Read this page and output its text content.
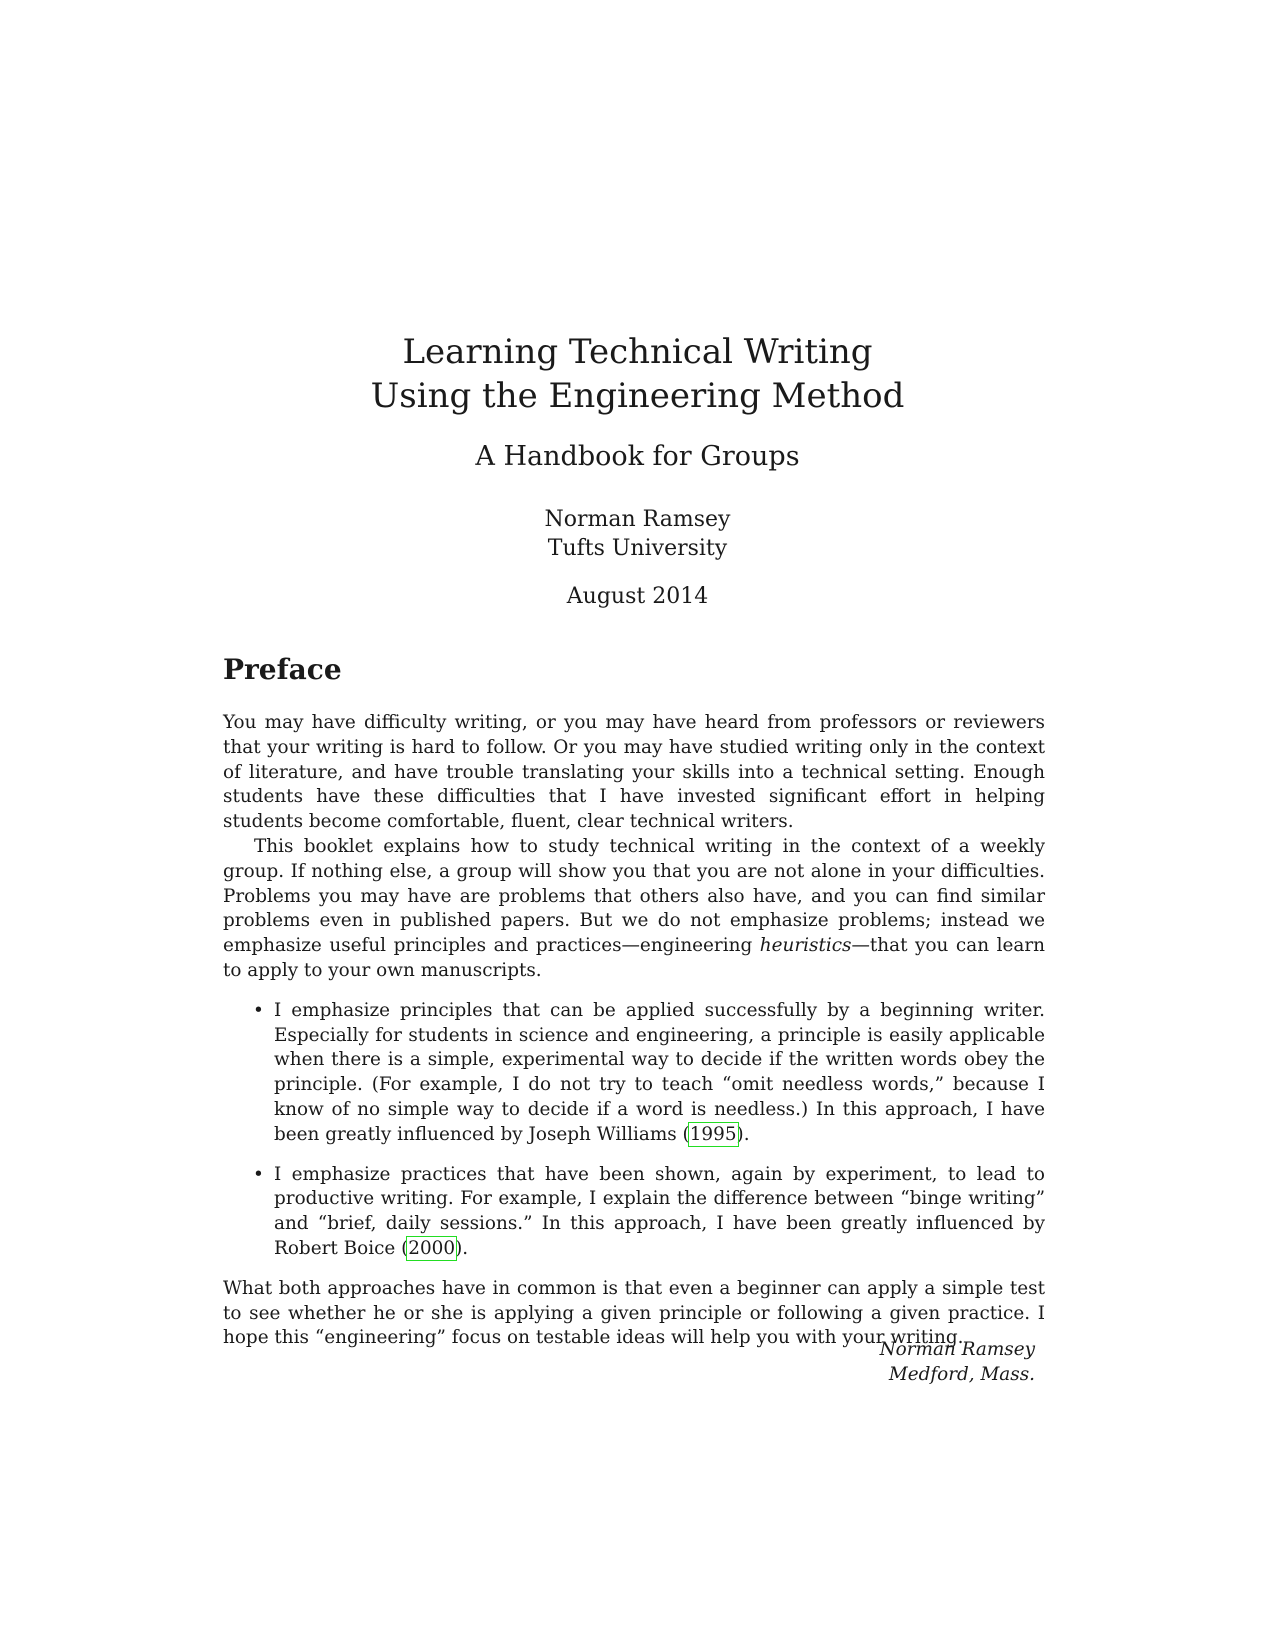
Learning Technical Writing
Using the Engineering Method
A Handbook for Groups
Norman Ramsey
Tufts University
August 2014
Preface

You may have difficulty writing, or you may have heard from professors or reviewers that your writing is hard to follow. Or you may have studied writing only in the context of literature, and have trouble translating your skills into a technical setting. Enough students have these difficulties that I have invested significant effort in helping students become comfortable, fluent, clear technical writers.

This booklet explains how to study technical writing in the context of a weekly group. If nothing else, a group will show you that you are not alone in your difficulties. Problems you may have are problems that others also have, and you can find similar problems even in published papers. But we do not emphasize problems; instead we emphasize useful principles and practices—engineering heuristics—that you can learn to apply to your own manuscripts.

• I emphasize principles that can be applied successfully by a beginning writer. Especially for students in science and engineering, a principle is easily applicable when there is a simple, experimental way to decide if the written words obey the principle. (For example, I do not try to teach “omit needless words,” because I know of no simple way to decide if a word is needless.) In this approach, I have been greatly influenced by Joseph Williams (1995).
• I emphasize practices that have been shown, again by experiment, to lead to productive writing. For example, I explain the difference between “binge writing” and “brief, daily sessions.” In this approach, I have been greatly influenced by Robert Boice (2000).

What both approaches have in common is that even a beginner can apply a simple test to see whether he or she is applying a given principle or following a given practice. I hope this “engineering” focus on testable ideas will help you with your writing.

Norman Ramsey
Medford, Mass.
